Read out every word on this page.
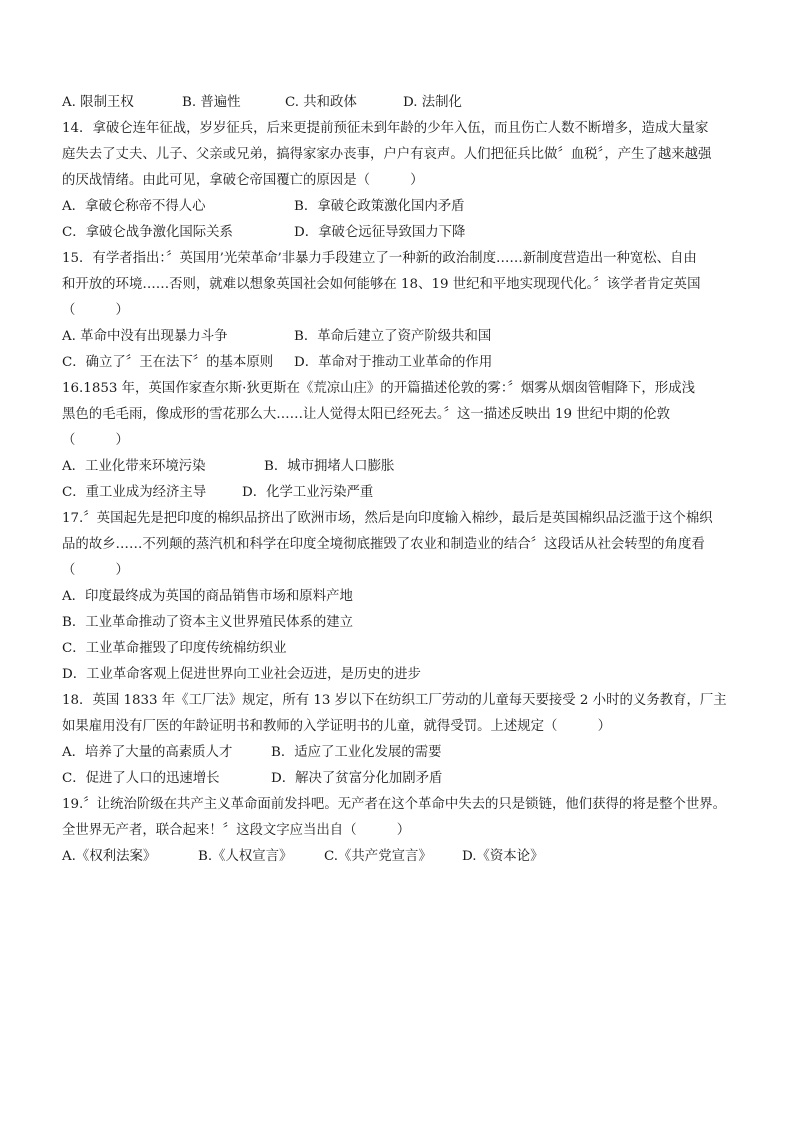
A. 限制王权	B. 普遍性	C. 共和政体	D. 法制化
14．拿破仑连年征战，岁岁征兵，后来更提前预征未到年龄的少年入伍，而且伤亡人数不断增多，造成大量家
庭失去了丈夫、儿子、父亲或兄弟，搞得家家办丧事，户户有哀声。人们把征兵比做〞血税〞，产生了越来越强
的厌战情绪。由此可见，拿破仑帝国覆亡的原因是（　　　）
A．拿破仑称帝不得人心	B．拿破仑政策激化国内矛盾
C．拿破仑战争激化国际关系	D．拿破仑远征导致国力下降
15．有学者指出：〞英国用’光荣革命’非暴力手段建立了一种新的政治制度……新制度营造出一种宽松、自由
和开放的环境……否则，就难以想象英国社会如何能够在 18、19 世纪和平地实现现代化。〞该学者肯定英国
（　　　）
A. 革命中没有出现暴力斗争	B．革命后建立了资产阶级共和国
C．确立了〞王在法下〞的基本原则 D．革命对于推动工业革命的作用
16.1853 年，英国作家查尔斯·狄更斯在《荒凉山庄》的开篇描述伦敦的雾：〞烟雾从烟囱管帽降下，形成浅
黑色的毛毛雨，像成形的雪花那么大……让人觉得太阳已经死去。〞这一描述反映出 19 世纪中期的伦敦
（　　　）
A．工业化带来环境污染	B．城市拥堵人口膨胀
C．重工业成为经济主导	D．化学工业污染严重
17.〞英国起先是把印度的棉织品挤出了欧洲市场，然后是向印度输入棉纱，最后是英国棉织品泛滥于这个棉织
品的故乡……不列颠的蒸汽机和科学在印度全境彻底摧毁了农业和制造业的结合〞这段话从社会转型的角度看
（　　　）
A．印度最终成为英国的商品销售市场和原料产地
B．工业革命推动了资本主义世界殖民体系的建立
C．工业革命摧毁了印度传统棉纺织业
D．工业革命客观上促进世界向工业社会迈进，是历史的进步
18．英国 1833 年《工厂法》规定，所有 13 岁以下在纺织工厂劳动的儿童每天要接受 2 小时的义务教育，厂主
如果雇用没有厂医的年龄证明书和教师的入学证明书的儿童，就得受罚。上述规定（　　　）
A．培养了大量的高素质人才	B．适应了工业化发展的需要
C．促进了人口的迅速增长	D．解决了贫富分化加剧矛盾
19.〞让统治阶级在共产主义革命面前发抖吧。无产者在这个革命中失去的只是锁链，他们获得的将是整个世界。
全世界无产者，联合起来！〞这段文字应当出自（　　　）
A.《权利法案》	B.《人权宣言》 C.《共产党宣言》 D.《资本论》
